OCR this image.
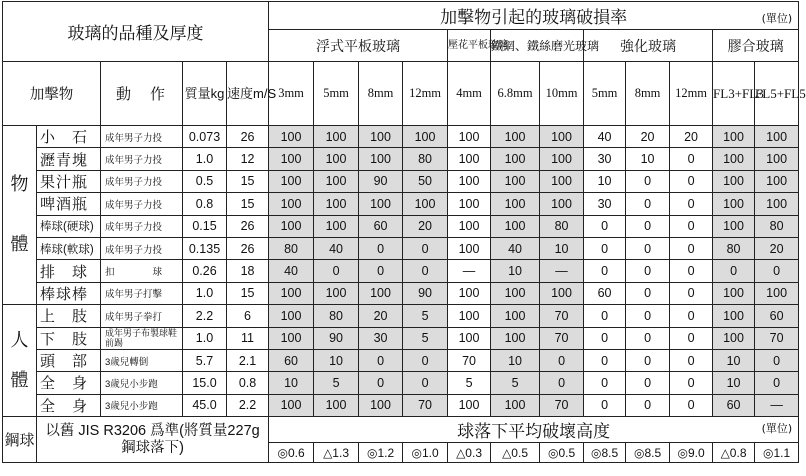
玻璃的品種及厚度					加擊物引起的玻璃破損率 (單位)											

					浮式平板玻璃				壓花平板玻璃	鐵網、鐵絲磨光玻璃		強化玻璃			膠合玻璃	
加擊物		動　作	質量kg	速度m/S	3mm	5mm	8mm	12mm	4mm	6.8mm	10mm	5mm	8mm	12mm	FL3+FL3	FL5+FL5
物　體	小　石	成年男子力投	0.073	26	100	100	100	100	100	100	100	40	20	20	100	100
	瀝青塊	成年男子力投	1.0	12	100	100	100	80	100	100	100	30	10	0	100	100
	果汁瓶	成年男子力投	0.5	15	100	100	90	50	100	100	100	10	0	0	100	100
	啤酒瓶	成年男子力投	0.8	15	100	100	100	100	100	100	100	30	0	0	100	100
	棒球(硬球)	成年男子力投	0.15	26	100	100	60	20	100	100	80	0	0	0	100	80
	棒球(軟球)	成年男子力投	0.135	26	80	40	0	0	100	40	10	0	0	0	80	20
	排　球	扣　　　　球	0.26	18	40	0	0	0	—	10	—	0	0	0	0	0
	棒球棒	成年男子打擊	1.0	15	100	100	100	90	100	100	100	60	0	0	100	100
人　體	上　肢	成年男子拳打	2.2	6	100	80	20	5	100	100	70	0	0	0	100	60
	下　肢	成年男子布製球鞋前踢	1.0	11	100	90	30	5	100	100	70	0	0	0	100	70
	頭　部	3歲兒轉倒	5.7	2.1	60	10	0	0	70	10	0	0	0	0	10	0
	全　身	3歲兒小步跑	15.0	0.8	10	5	0	0	5	5	0	0	0	0	10	0
	全　身	3歲兒小步跑	45.0	2.2	100	100	100	70	100	100	70	0	0	0	60	—
鋼球	以舊 JIS R3206 爲準(將質量227g 鋼球落下)				球落下平均破壞高度 (單位)											

					◎0.6	△1.3	◎1.2	◎1.0	△0.3	△0.5	◎0.5	◎8.5	◎8.5	◎9.0	△0.8	◎1.1
